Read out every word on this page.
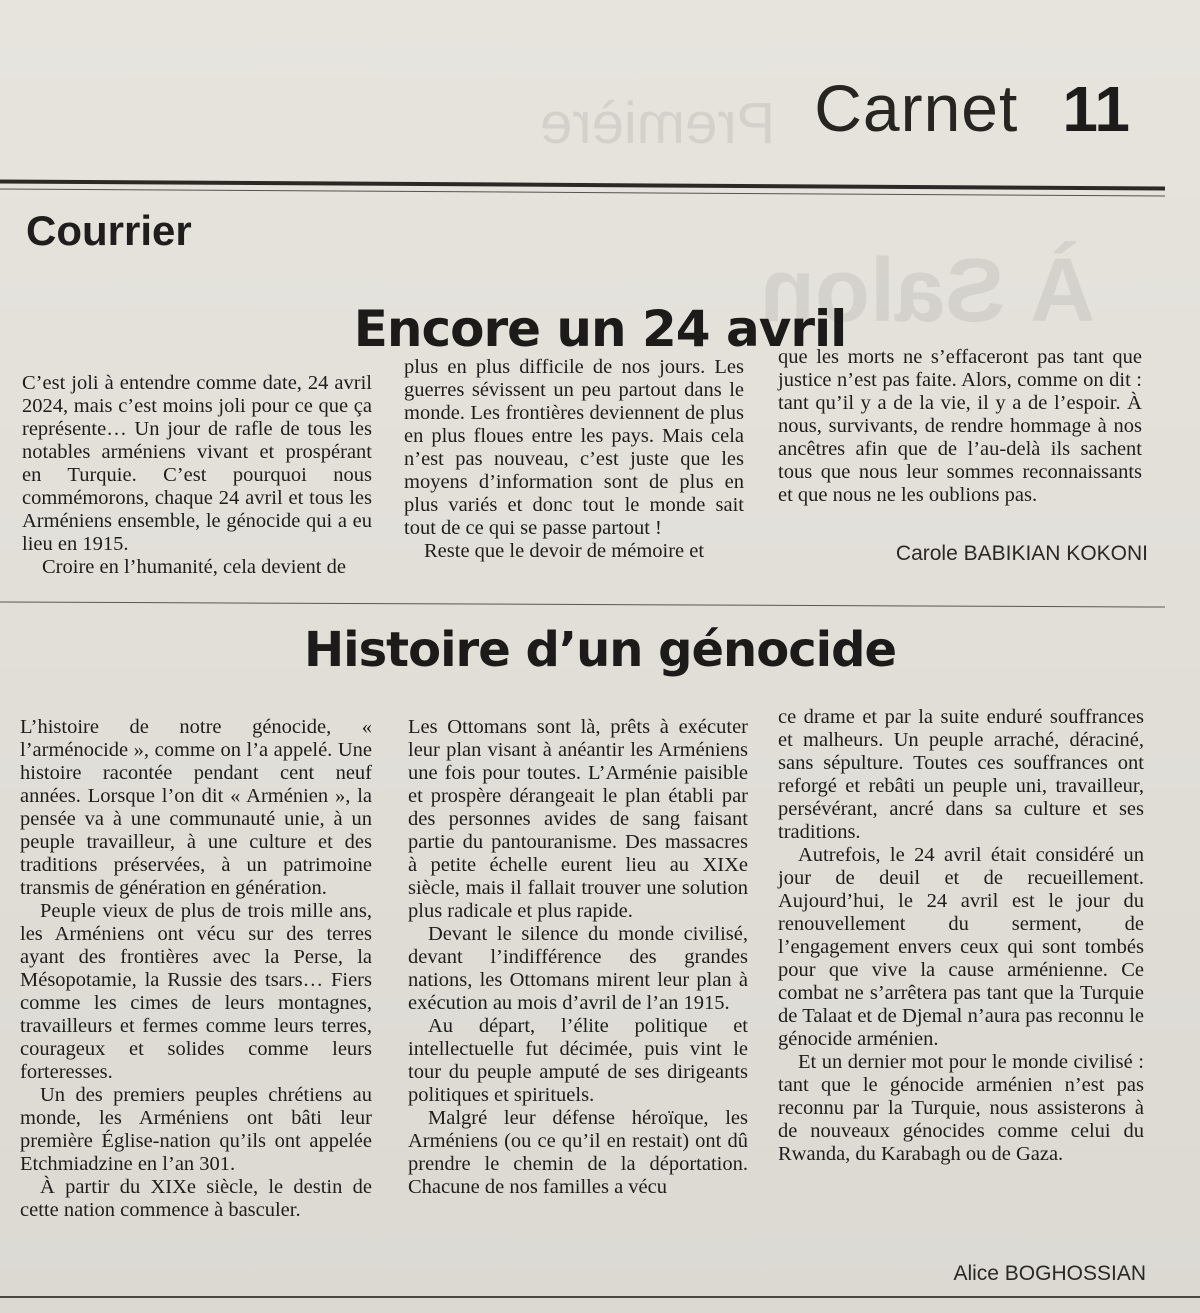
Première
À Salon
Carnet 11
Courrier
Encore un 24 avril

C’est joli à entendre comme date, 24 avril 2024, mais c’est moins joli pour ce que ça représente… Un jour de rafle de tous les notables arméniens vivant et prospérant en Turquie. C’est pourquoi nous commémorons, chaque 24 avril et tous les Arméniens ensemble, le génocide qui a eu lieu en 1915.

Croire en l’humanité, cela devient de

plus en plus difficile de nos jours. Les guerres sévissent un peu partout dans le monde. Les frontières deviennent de plus en plus floues entre les pays. Mais cela n’est pas nouveau, c’est juste que les moyens d’information sont de plus en plus variés et donc tout le monde sait tout de ce qui se passe partout !

Reste que le devoir de mémoire et

que les morts ne s’effaceront pas tant que justice n’est pas faite. Alors, comme on dit : tant qu’il y a de la vie, il y a de l’espoir. À nous, survivants, de rendre hommage à nos ancêtres afin que de l’au-delà ils sachent tous que nous leur sommes reconnaissants et que nous ne les oublions pas.

Carole BABIKIAN KOKONI
Histoire d’un génocide

L’histoire de notre génocide, « l’arménocide », comme on l’a appelé. Une histoire racontée pendant cent neuf années. Lorsque l’on dit « Arménien », la pensée va à une communauté unie, à un peuple travailleur, à une culture et des traditions préservées, à un patrimoine transmis de génération en génération.

Peuple vieux de plus de trois mille ans, les Arméniens ont vécu sur des terres ayant des frontières avec la Perse, la Mésopotamie, la Russie des tsars… Fiers comme les cimes de leurs montagnes, travailleurs et fermes comme leurs terres, courageux et solides comme leurs forteresses.

Un des premiers peuples chrétiens au monde, les Arméniens ont bâti leur première Église-nation qu’ils ont appelée Etchmiadzine en l’an 301.

À partir du XIXe siècle, le destin de cette nation commence à basculer.

Les Ottomans sont là, prêts à exécuter leur plan visant à anéantir les Arméniens une fois pour toutes. L’Arménie paisible et prospère dérangeait le plan établi par des personnes avides de sang faisant partie du pantouranisme. Des massacres à petite échelle eurent lieu au XIXe siècle, mais il fallait trouver une solution plus radicale et plus rapide.

Devant le silence du monde civilisé, devant l’indifférence des grandes nations, les Ottomans mirent leur plan à exécution au mois d’avril de l’an 1915.

Au départ, l’élite politique et intellectuelle fut décimée, puis vint le tour du peuple amputé de ses dirigeants politiques et spirituels.

Malgré leur défense héroïque, les Arméniens (ou ce qu’il en restait) ont dû prendre le chemin de la déportation. Chacune de nos familles a vécu

ce drame et par la suite enduré souffrances et malheurs. Un peuple arraché, déraciné, sans sépulture. Toutes ces souffrances ont reforgé et rebâti un peuple uni, travailleur, persévérant, ancré dans sa culture et ses traditions.

Autrefois, le 24 avril était considéré un jour de deuil et de recueillement. Aujourd’hui, le 24 avril est le jour du renouvellement du serment, de l’engagement envers ceux qui sont tombés pour que vive la cause arménienne. Ce combat ne s’arrêtera pas tant que la Turquie de Talaat et de Djemal n’aura pas reconnu le génocide arménien.

Et un dernier mot pour le monde civilisé : tant que le génocide arménien n’est pas reconnu par la Turquie, nous assisterons à de nouveaux génocides comme celui du Rwanda, du Karabagh ou de Gaza.

Alice BOGHOSSIAN
